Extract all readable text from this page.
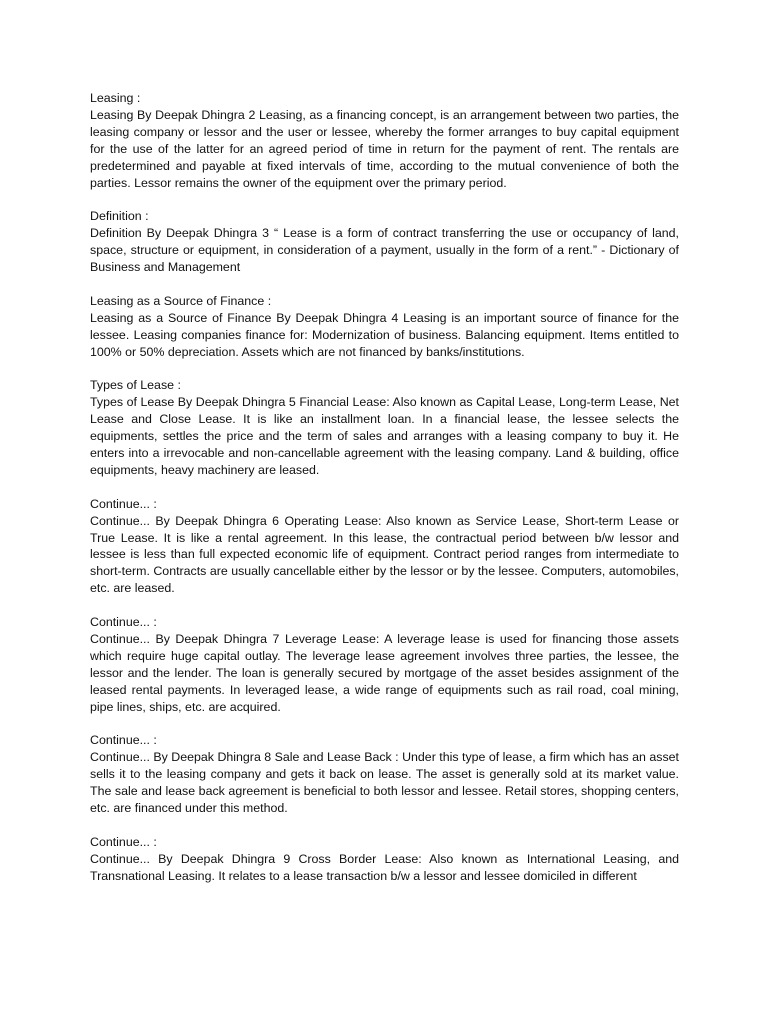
Leasing :
Leasing By Deepak Dhingra 2 Leasing, as a financing concept, is an arrangement between two parties, the leasing company or lessor and the user or lessee, whereby the former arranges to buy capital equipment for the use of the latter for an agreed period of time in return for the payment of rent. The rentals are predetermined and payable at fixed intervals of time, according to the mutual convenience of both the parties. Lessor remains the owner of the equipment over the primary period.
Definition :
Definition By Deepak Dhingra 3 “ Lease is a form of contract transferring the use or occupancy of land, space, structure or equipment, in consideration of a payment, usually in the form of a rent.” - Dictionary of Business and Management
Leasing as a Source of Finance :
Leasing as a Source of Finance By Deepak Dhingra 4 Leasing is an important source of finance for the lessee. Leasing companies finance for: Modernization of business. Balancing equipment. Items entitled to 100% or 50% depreciation. Assets which are not financed by banks/institutions.
Types of Lease :
Types of Lease By Deepak Dhingra 5 Financial Lease: Also known as Capital Lease, Long-term Lease, Net Lease and Close Lease. It is like an installment loan. In a financial lease, the lessee selects the equipments, settles the price and the term of sales and arranges with a leasing company to buy it. He enters into a irrevocable and non-cancellable agreement with the leasing company. Land & building, office equipments, heavy machinery are leased.
Continue... :
Continue... By Deepak Dhingra 6 Operating Lease: Also known as Service Lease, Short-term Lease or True Lease. It is like a rental agreement. In this lease, the contractual period between b/w lessor and lessee is less than full expected economic life of equipment. Contract period ranges from intermediate to short-term. Contracts are usually cancellable either by the lessor or by the lessee. Computers, automobiles, etc. are leased.
Continue... :
Continue... By Deepak Dhingra 7 Leverage Lease: A leverage lease is used for financing those assets which require huge capital outlay. The leverage lease agreement involves three parties, the lessee, the lessor and the lender. The loan is generally secured by mortgage of the asset besides assignment of the leased rental payments. In leveraged lease, a wide range of equipments such as rail road, coal mining, pipe lines, ships, etc. are acquired.
Continue... :
Continue... By Deepak Dhingra 8 Sale and Lease Back : Under this type of lease, a firm which has an asset sells it to the leasing company and gets it back on lease. The asset is generally sold at its market value. The sale and lease back agreement is beneficial to both lessor and lessee. Retail stores, shopping centers, etc. are financed under this method.
Continue... :
Continue... By Deepak Dhingra 9 Cross Border Lease: Also known as International Leasing, and Transnational Leasing. It relates to a lease transaction b/w a lessor and lessee domiciled in different
